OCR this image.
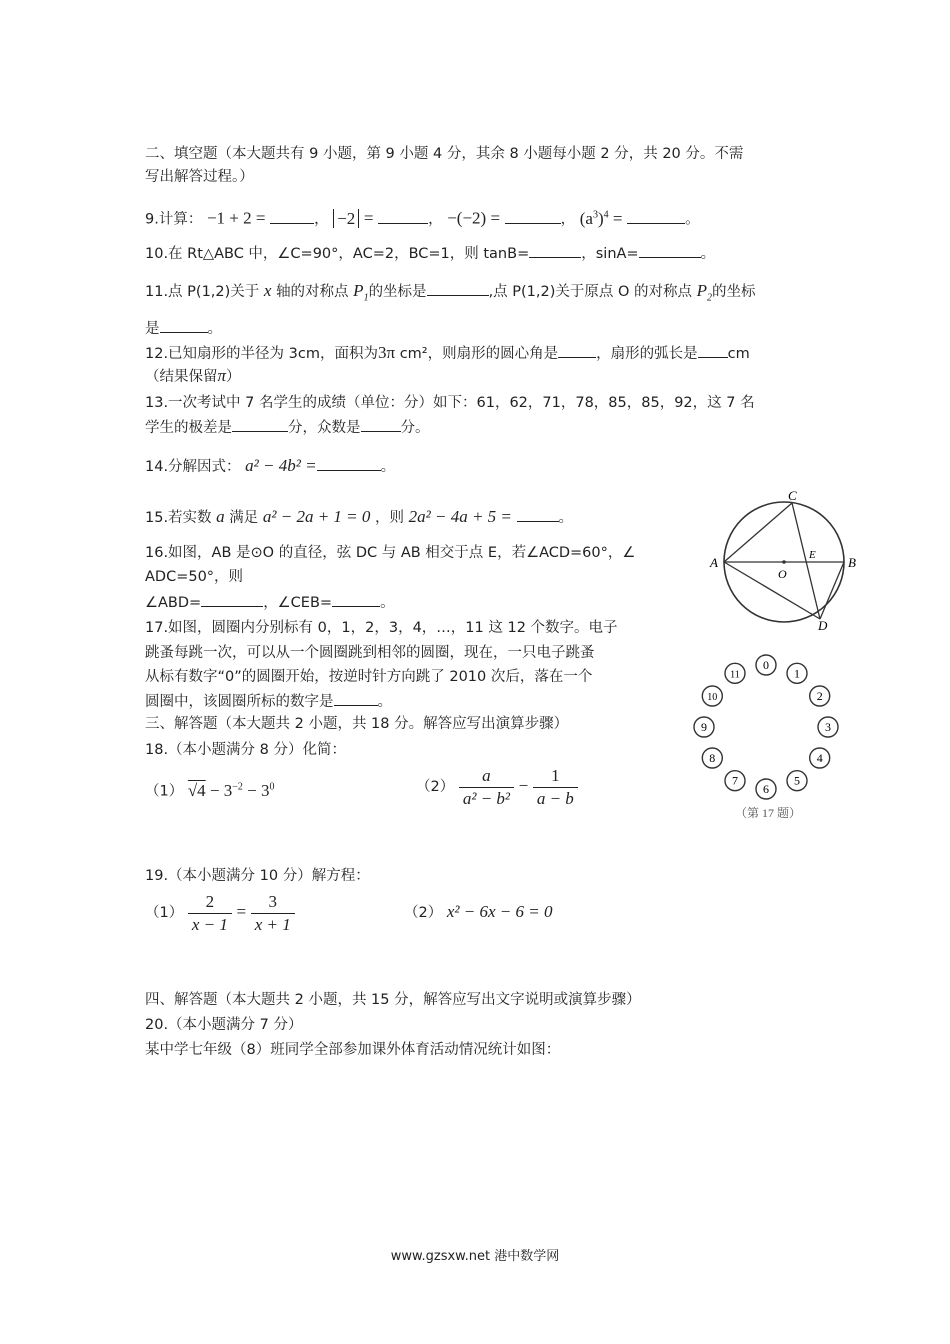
二、填空题（本大题共有 9 小题，第 9 小题 4 分，其余 8 小题每小题 2 分，共 20 分。不需
写出解答过程。）
9.计算： −1 + 2 =	， −2 =	， −(−2) =	， $(a^3)^4$ =	。
10.在 Rt△ABC 中，∠C=90°，AC=2，BC=1，则 tanB=	，sinA=	。
11.点 P(1,2)关于 x 轴的对称点 $P_1$的坐标是	,点 P(1,2)关于原点 O 的对称点 $P_2$的坐标
是	。
12.已知扇形的半径为 3cm，面积为3π cm²，则扇形的圆心角是	，扇形的弧长是 cm
（结果保留π）
13.一次考试中 7 名学生的成绩（单位：分）如下：61，62，71，78，85，85，92，这 7 名
学生的极差是	分，众数是	分。
14.分解因式： a² − 4b² =	。
15.若实数 a 满足 a² − 2a + 1 = 0 ，则 2a² − 4a + 5 =	。
16.如图，AB 是⊙O 的直径，弦 DC 与 AB 相交于点 E，若∠ACD=60°，∠
ADC=50°，则
∠ABD=	，∠CEB=	。
A	B
C
D
E
O
17.如图，圆圈内分别标有 0，1，2，3，4，…，11 这 12 个数字。电子
跳蚤每跳一次，可以从一个圆圈跳到相邻的圆圈，现在，一只电子跳蚤
从标有数字“0”的圆圈开始，按逆时针方向跳了 2010 次后，落在一个
圆圈中，该圆圈所标的数字是	。
0
1
2
3
4
5
6
7
8
9
10
11
（第 17 题）
三、解答题（本大题共 2 小题，共 18 分。解答应写出演算步骤）
18.（本小题满分 8 分）化简：
（1） $√4 - 3^{-2} - 3^0$	$(2) \frac{a}{\text{a² − b²}} - \frac{1}{a - b}$
19.（本小题满分 10 分）解方程：
$(1) \frac{2}{x - 1} = \frac{3}{x + 1}$	（2） x² − 6x − 6 = 0
四、解答题（本大题共 2 小题，共 15 分，解答应写出文字说明或演算步骤）
20.（本小题满分 7 分）
某中学七年级（8）班同学全部参加课外体育活动情况统计如图：
www.gzsxw.net 港中数学网
